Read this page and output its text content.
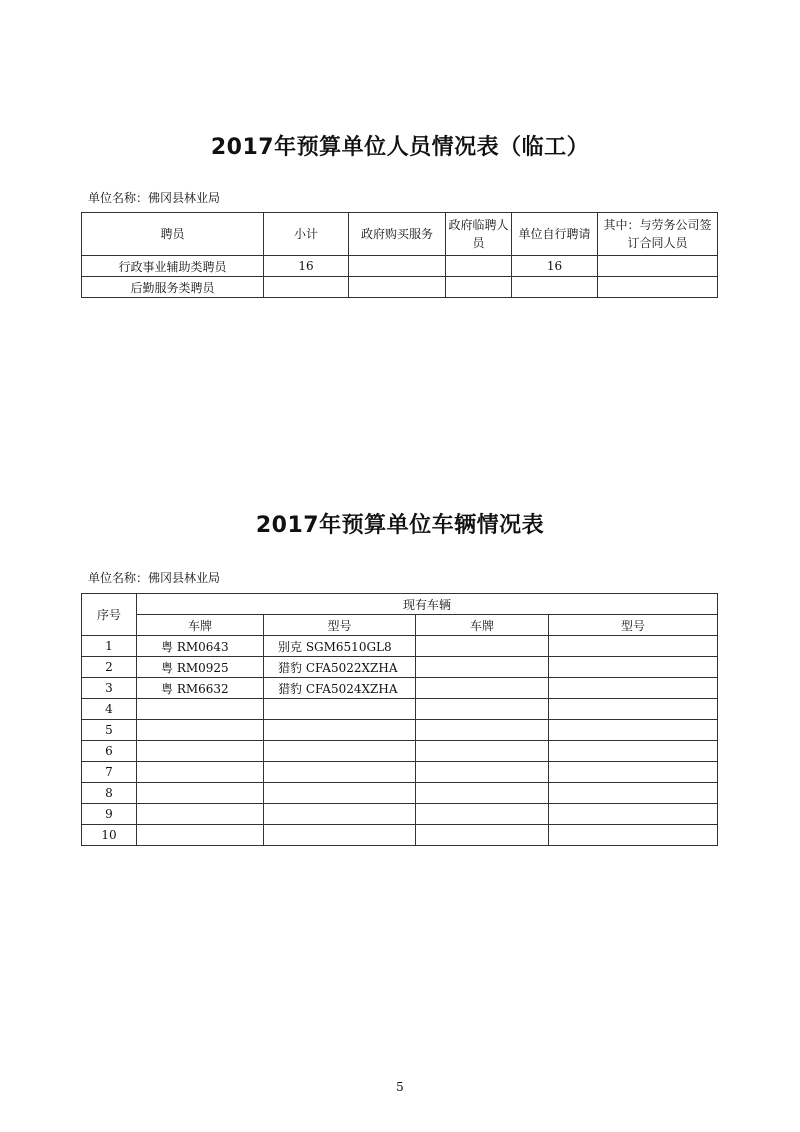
2017年预算单位人员情况表（临工）
单位名称：佛冈县林业局
聘员	小计	政府购买服务	政府临聘人员	单位自行聘请	其中：与劳务公司签订合同人员
行政事业辅助类聘员	16			16	
后勤服务类聘员					
2017年预算单位车辆情况表
单位名称：佛冈县林业局
序号	现有车辆			
	车牌	型号	车牌	型号
1	粤 RM0643	别克 SGM6510GL8		
2	粤 RM0925	猎豹 CFA5022XZHA		
3	粤 RM6632	猎豹 CFA5024XZHA		
4				
5				
6				
7				
8				
9				
10				
5
